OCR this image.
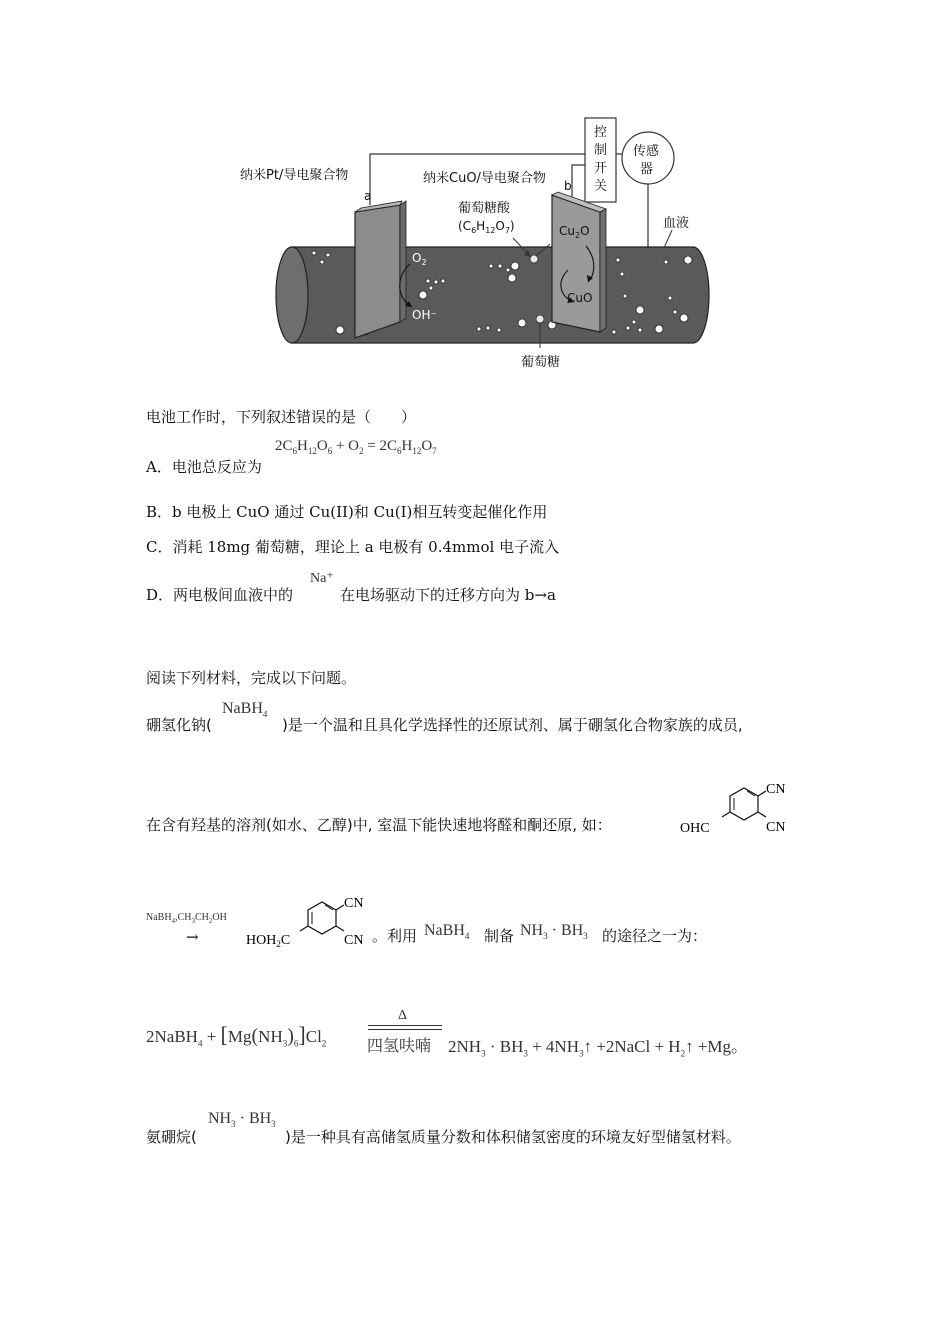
纳米Pt/导电聚合物
a
纳米CuO/导电聚合物 b
控
制
开
关
传感
器
血液
葡萄糖酸
$(C_6H_{12}O_7)$
葡萄糖
$O_2$
OH⁻
$Cu_2O$
CuO
电池工作时，下列叙述错误的是（　　）
A．电池总反应为
$2C_6H_{12}O_6 + O_2 = 2C_6H_{12}O_7$
B．b 电极上 CuO 通过 Cu(II)和 Cu(I)相互转变起催化作用
C．消耗 18mg 葡萄糖，理论上 a 电极有 0.4mmol 电子流入
D．两电极间血液中的
Na⁺
在电场驱动下的迁移方向为 b→a
阅读下列材料，完成以下问题。
硼氢化钠(
NaBH$_4$
)是一个温和且具化学选择性的还原试剂、属于硼氢化合物家族的成员,
在含有羟基的溶剂(如水、乙醇)中, 室温下能快速地将醛和酮还原, 如：
CN
CN
OHC
$NaBH_4,CH_3CH_2OH$
→
CN
CN
$HOH_2C$	。利用 NaBH$_4$ 制备 $NH_3 \cdot BH_3$ 的途径之一为：
2NaBH$_4$ + $[Mg(NH_3)_6]Cl_2$
Δ
四氢呋喃 $2NH_3 \cdot BH_3$ + $4NH_3↑$ +2NaCl + $H_2↑ +Mg$。
氨硼烷(
$NH_3 \cdot BH_3$
)是一种具有高储氢质量分数和体积储氢密度的环境友好型储氢材料。
